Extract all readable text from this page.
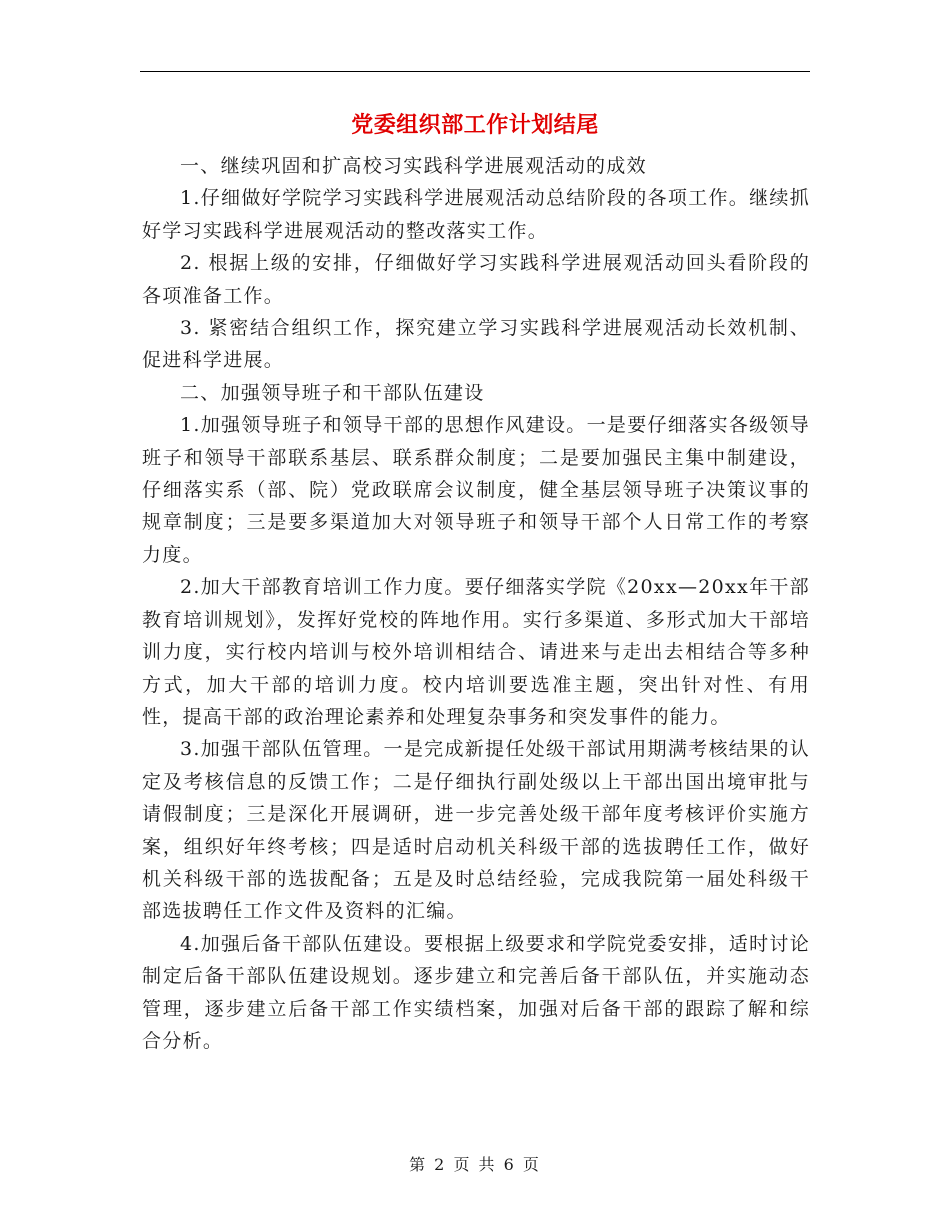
党委组织部工作计划结尾

一、继续巩固和扩高校习实践科学进展观活动的成效

1.仔细做好学院学习实践科学进展观活动总结阶段的各项工作。继续抓好学习实践科学进展观活动的整改落实工作。

2. 根据上级的安排，仔细做好学习实践科学进展观活动回头看阶段的各项准备工作。

3. 紧密结合组织工作，探究建立学习实践科学进展观活动长效机制、促进科学进展。

二、加强领导班子和干部队伍建设

1.加强领导班子和领导干部的思想作风建设。一是要仔细落实各级领导班子和领导干部联系基层、联系群众制度；二是要加强民主集中制建设，仔细落实系（部、院）党政联席会议制度，健全基层领导班子决策议事的规章制度；三是要多渠道加大对领导班子和领导干部个人日常工作的考察力度。

2.加大干部教育培训工作力度。要仔细落实学院《20xx—20xx年干部教育培训规划》，发挥好党校的阵地作用。实行多渠道、多形式加大干部培训力度，实行校内培训与校外培训相结合、请进来与走出去相结合等多种方式，加大干部的培训力度。校内培训要选准主题，突出针对性、有用性，提高干部的政治理论素养和处理复杂事务和突发事件的能力。

3.加强干部队伍管理。一是完成新提任处级干部试用期满考核结果的认定及考核信息的反馈工作；二是仔细执行副处级以上干部出国出境审批与请假制度；三是深化开展调研，进一步完善处级干部年度考核评价实施方案，组织好年终考核；四是适时启动机关科级干部的选拔聘任工作，做好机关科级干部的选拔配备；五是及时总结经验，完成我院第一届处科级干部选拔聘任工作文件及资料的汇编。

4.加强后备干部队伍建设。要根据上级要求和学院党委安排，适时讨论制定后备干部队伍建设规划。逐步建立和完善后备干部队伍，并实施动态管理，逐步建立后备干部工作实绩档案，加强对后备干部的跟踪了解和综合分析。

第 2 页 共 6 页
